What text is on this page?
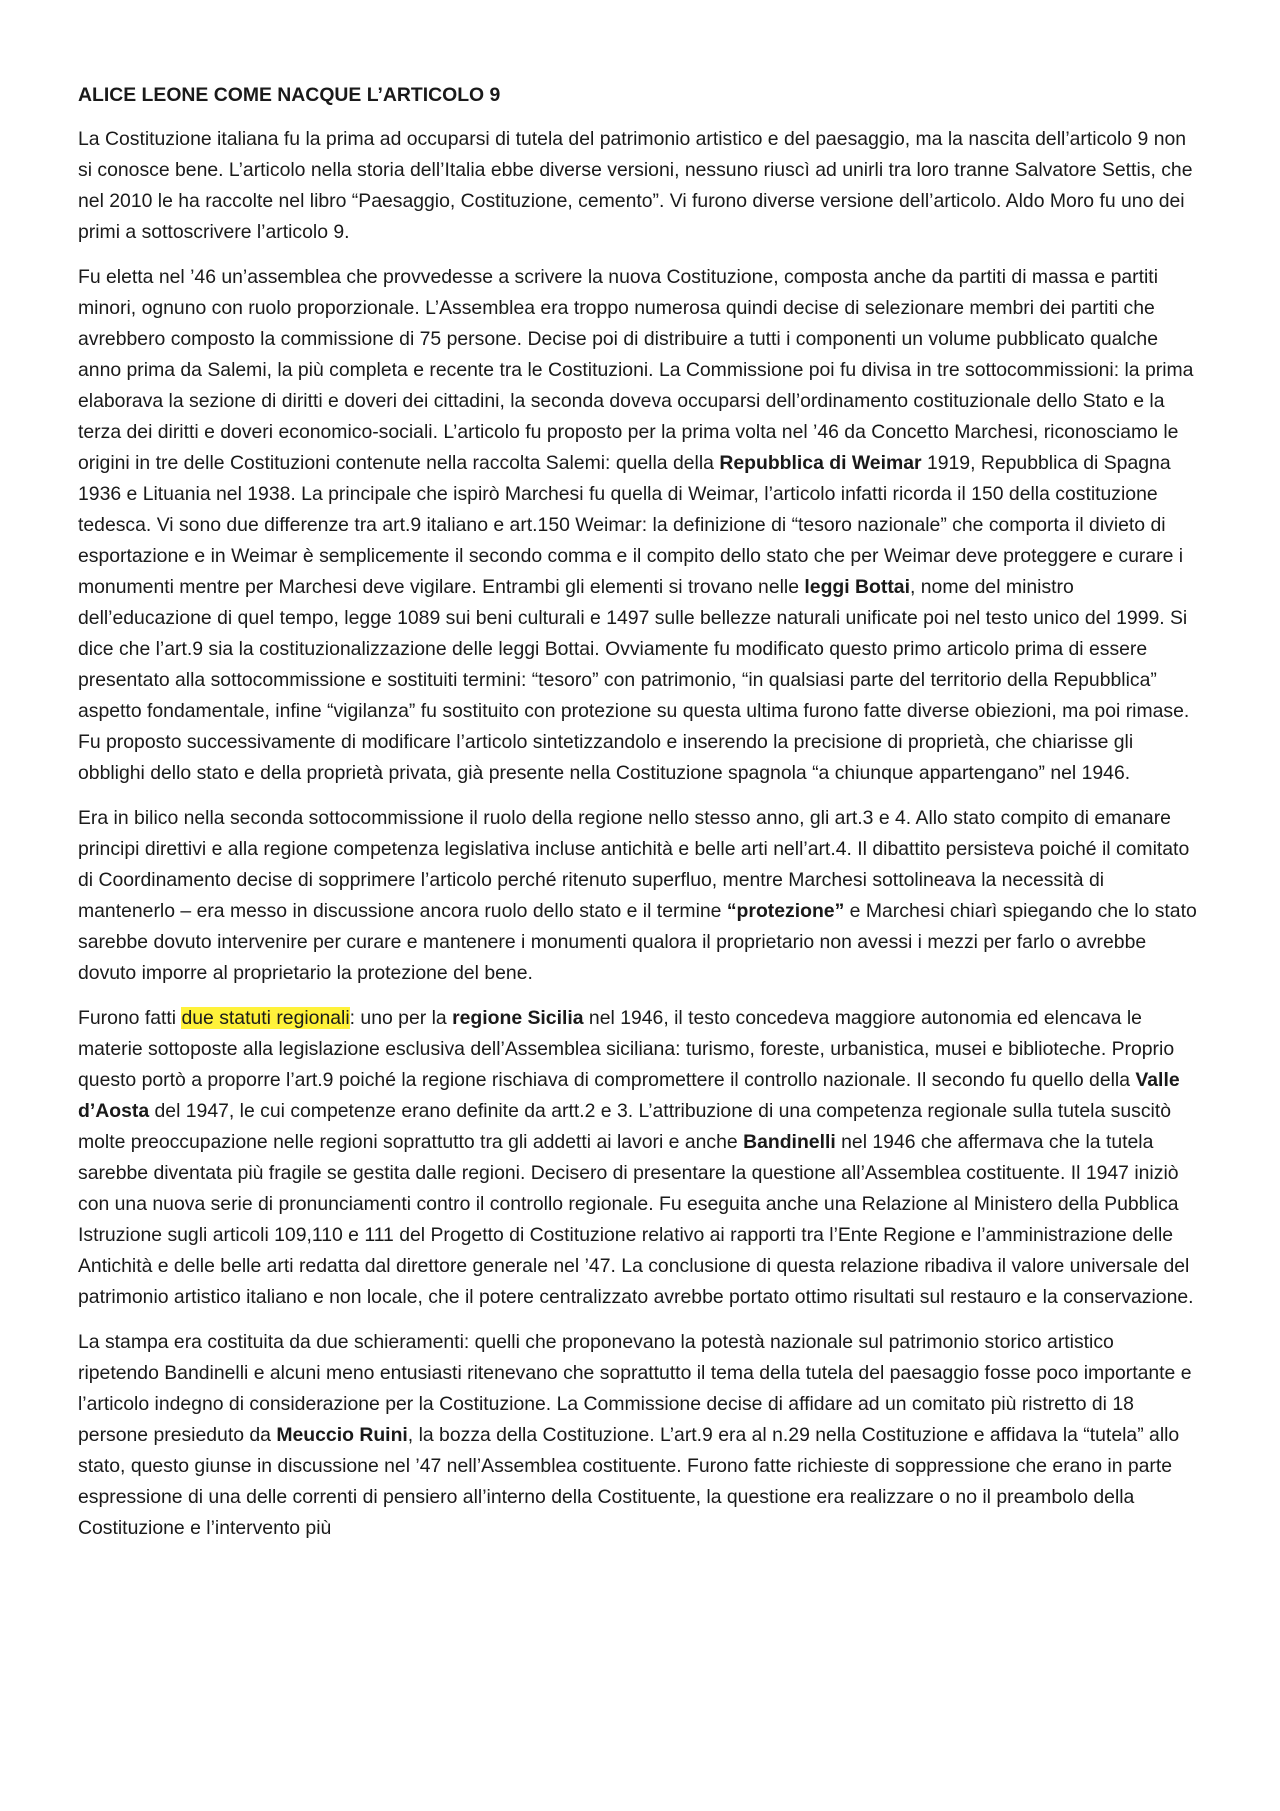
ALICE LEONE COME NACQUE L’ARTICOLO 9

La Costituzione italiana fu la prima ad occuparsi di tutela del patrimonio artistico e del paesaggio, ma la nascita dell’articolo 9 non si conosce bene. L’articolo nella storia dell’Italia ebbe diverse versioni, nessuno riuscì ad unirli tra loro tranne Salvatore Settis, che nel 2010 le ha raccolte nel libro “Paesaggio, Costituzione, cemento”. Vi furono diverse versione dell’articolo. Aldo Moro fu uno dei primi a sottoscrivere l’articolo 9.

Fu eletta nel ’46 un’assemblea che provvedesse a scrivere la nuova Costituzione, composta anche da partiti di massa e partiti minori, ognuno con ruolo proporzionale. L’Assemblea era troppo numerosa quindi decise di selezionare membri dei partiti che avrebbero composto la commissione di 75 persone. Decise poi di distribuire a tutti i componenti un volume pubblicato qualche anno prima da Salemi, la più completa e recente tra le Costituzioni. La Commissione poi fu divisa in tre sottocommissioni: la prima elaborava la sezione di diritti e doveri dei cittadini, la seconda doveva occuparsi dell’ordinamento costituzionale dello Stato e la terza dei diritti e doveri economico-sociali. L’articolo fu proposto per la prima volta nel ’46 da Concetto Marchesi, riconosciamo le origini in tre delle Costituzioni contenute nella raccolta Salemi: quella della Repubblica di Weimar 1919, Repubblica di Spagna 1936 e Lituania nel 1938. La principale che ispirò Marchesi fu quella di Weimar, l’articolo infatti ricorda il 150 della costituzione tedesca. Vi sono due differenze tra art.9 italiano e art.150 Weimar: la definizione di “tesoro nazionale” che comporta il divieto di esportazione e in Weimar è semplicemente il secondo comma e il compito dello stato che per Weimar deve proteggere e curare i monumenti mentre per Marchesi deve vigilare. Entrambi gli elementi si trovano nelle leggi Bottai, nome del ministro dell’educazione di quel tempo, legge 1089 sui beni culturali e 1497 sulle bellezze naturali unificate poi nel testo unico del 1999. Si dice che l’art.9 sia la costituzionalizzazione delle leggi Bottai. Ovviamente fu modificato questo primo articolo prima di essere presentato alla sottocommissione e sostituiti termini: “tesoro” con patrimonio, “in qualsiasi parte del territorio della Repubblica” aspetto fondamentale, infine “vigilanza” fu sostituito con protezione su questa ultima furono fatte diverse obiezioni, ma poi rimase. Fu proposto successivamente di modificare l’articolo sintetizzandolo e inserendo la precisione di proprietà, che chiarisse gli obblighi dello stato e della proprietà privata, già presente nella Costituzione spagnola “a chiunque appartengano” nel 1946.

Era in bilico nella seconda sottocommissione il ruolo della regione nello stesso anno, gli art.3 e 4. Allo stato compito di emanare principi direttivi e alla regione competenza legislativa incluse antichità e belle arti nell’art.4. Il dibattito persisteva poiché il comitato di Coordinamento decise di sopprimere l’articolo perché ritenuto superfluo, mentre Marchesi sottolineava la necessità di mantenerlo – era messo in discussione ancora ruolo dello stato e il termine “protezione” e Marchesi chiarì spiegando che lo stato sarebbe dovuto intervenire per curare e mantenere i monumenti qualora il proprietario non avessi i mezzi per farlo o avrebbe dovuto imporre al proprietario la protezione del bene.

Furono fatti due statuti regionali: uno per la regione Sicilia nel 1946, il testo concedeva maggiore autonomia ed elencava le materie sottoposte alla legislazione esclusiva dell’Assemblea siciliana: turismo, foreste, urbanistica, musei e biblioteche. Proprio questo portò a proporre l’art.9 poiché la regione rischiava di compromettere il controllo nazionale. Il secondo fu quello della Valle d’Aosta del 1947, le cui competenze erano definite da artt.2 e 3. L’attribuzione di una competenza regionale sulla tutela suscitò molte preoccupazione nelle regioni soprattutto tra gli addetti ai lavori e anche Bandinelli nel 1946 che affermava che la tutela sarebbe diventata più fragile se gestita dalle regioni. Decisero di presentare la questione all’Assemblea costituente. Il 1947 iniziò con una nuova serie di pronunciamenti contro il controllo regionale. Fu eseguita anche una Relazione al Ministero della Pubblica Istruzione sugli articoli 109,110 e 111 del Progetto di Costituzione relativo ai rapporti tra l’Ente Regione e l’amministrazione delle Antichità e delle belle arti redatta dal direttore generale nel ’47. La conclusione di questa relazione ribadiva il valore universale del patrimonio artistico italiano e non locale, che il potere centralizzato avrebbe portato ottimo risultati sul restauro e la conservazione.

La stampa era costituita da due schieramenti: quelli che proponevano la potestà nazionale sul patrimonio storico artistico ripetendo Bandinelli e alcuni meno entusiasti ritenevano che soprattutto il tema della tutela del paesaggio fosse poco importante e l’articolo indegno di considerazione per la Costituzione. La Commissione decise di affidare ad un comitato più ristretto di 18 persone presieduto da Meuccio Ruini, la bozza della Costituzione. L’art.9 era al n.29 nella Costituzione e affidava la “tutela” allo stato, questo giunse in discussione nel ’47 nell’Assemblea costituente. Furono fatte richieste di soppressione che erano in parte espressione di una delle correnti di pensiero all’interno della Costituente, la questione era realizzare o no il preambolo della Costituzione e l’intervento più
